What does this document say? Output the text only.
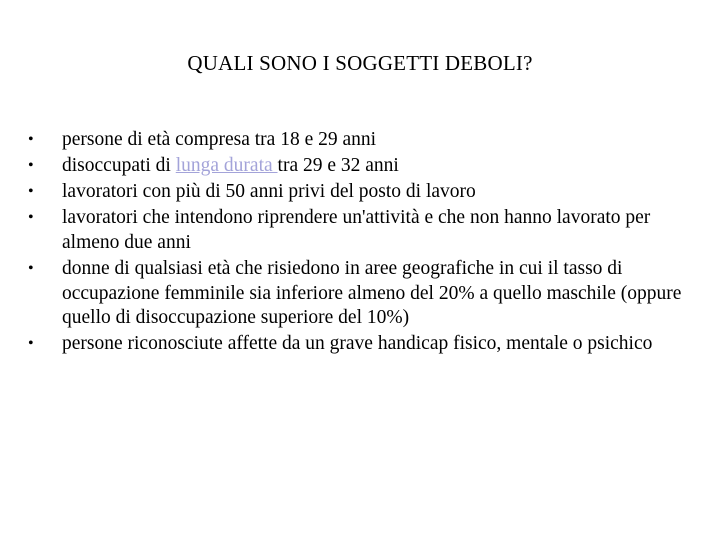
QUALI SONO I SOGGETTI DEBOLI?
•	persone di età compresa tra 18 e 29 anni
•	disoccupati di lunga durata tra 29 e 32 anni
•	lavoratori con più di 50 anni privi del posto di lavoro
•	lavoratori che intendono riprendere un'attività e che non hanno lavorato per almeno due anni
•	donne di qualsiasi età che risiedono in aree geografiche in cui il tasso di occupazione femminile sia inferiore almeno del 20% a quello maschile (oppure quello di disoccupazione superiore del 10%)
•	persone riconosciute affette da un grave handicap fisico, mentale o psichico
